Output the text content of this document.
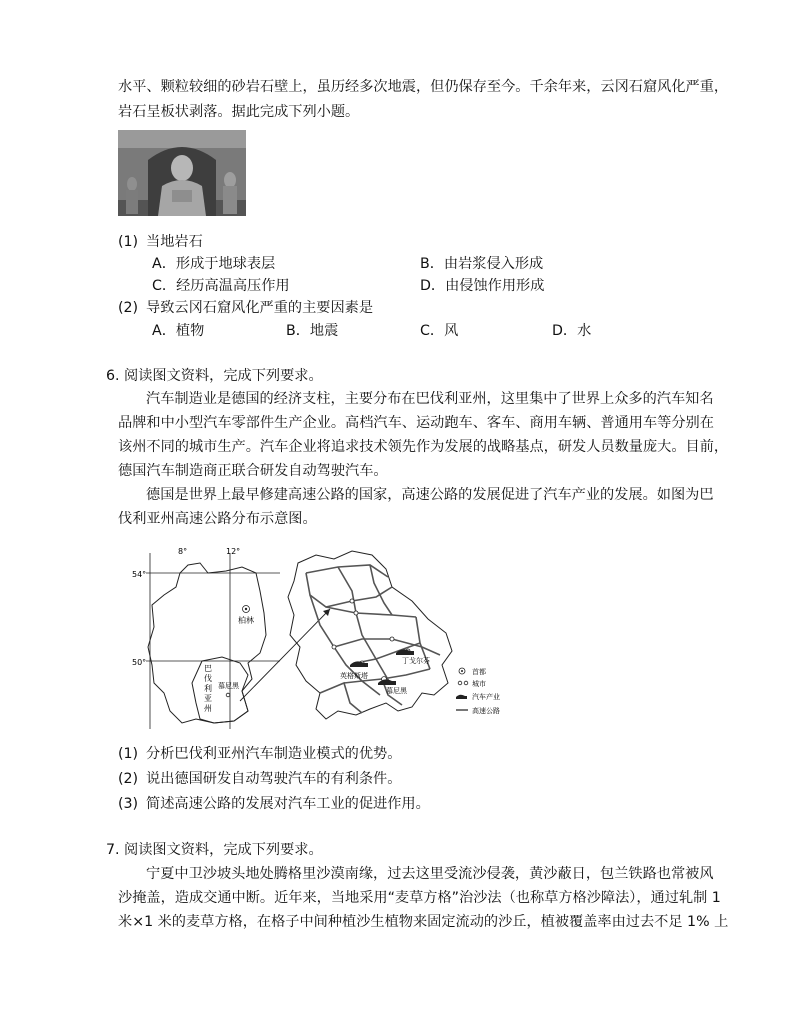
水平、颗粒较细的砂岩石壁上，虽历经多次地震，但仍保存至今。千余年来，云冈石窟风化严重，
岩石呈板状剥落。据此完成下列小题。
(1) 当地岩石
A．形成于地球表层	B．由岩浆侵入形成
C．经历高温高压作用	D．由侵蚀作用形成
(2) 导致云冈石窟风化严重的主要因素是
A．植物	B．地震	C．风	D．水
6. 阅读图文资料，完成下列要求。
汽车制造业是德国的经济支柱，主要分布在巴伐利亚州，这里集中了世界上众多的汽车知名
品牌和中小型汽车零部件生产企业。高档汽车、运动跑车、客车、商用车辆、普通用车等分别在
该州不同的城市生产。汽车企业将追求技术领先作为发展的战略基点，研发人员数量庞大。目前，
德国汽车制造商正联合研发自动驾驶汽车。
德国是世界上最早修建高速公路的国家，高速公路的发展促进了汽车产业的发展。如图为巴
伐利亚州高速公路分布示意图。
8°	12°
54°
50°
柏林
巴
伐
利
亚
州
慕尼黑
英格斯塔
慕尼黑
丁戈尔芬
首都
城市
汽车产业
高速公路
(1) 分析巴伐利亚州汽车制造业模式的优势。
(2) 说出德国研发自动驾驶汽车的有利条件。
(3) 简述高速公路的发展对汽车工业的促进作用。
7. 阅读图文资料，完成下列要求。
宁夏中卫沙坡头地处腾格里沙漠南缘，过去这里受流沙侵袭，黄沙蔽日，包兰铁路也常被风
沙掩盖，造成交通中断。近年来，当地采用“麦草方格”治沙法（也称草方格沙障法），通过轧制 1
米×1 米的麦草方格，在格子中间种植沙生植物来固定流动的沙丘，植被覆盖率由过去不足 1% 上
